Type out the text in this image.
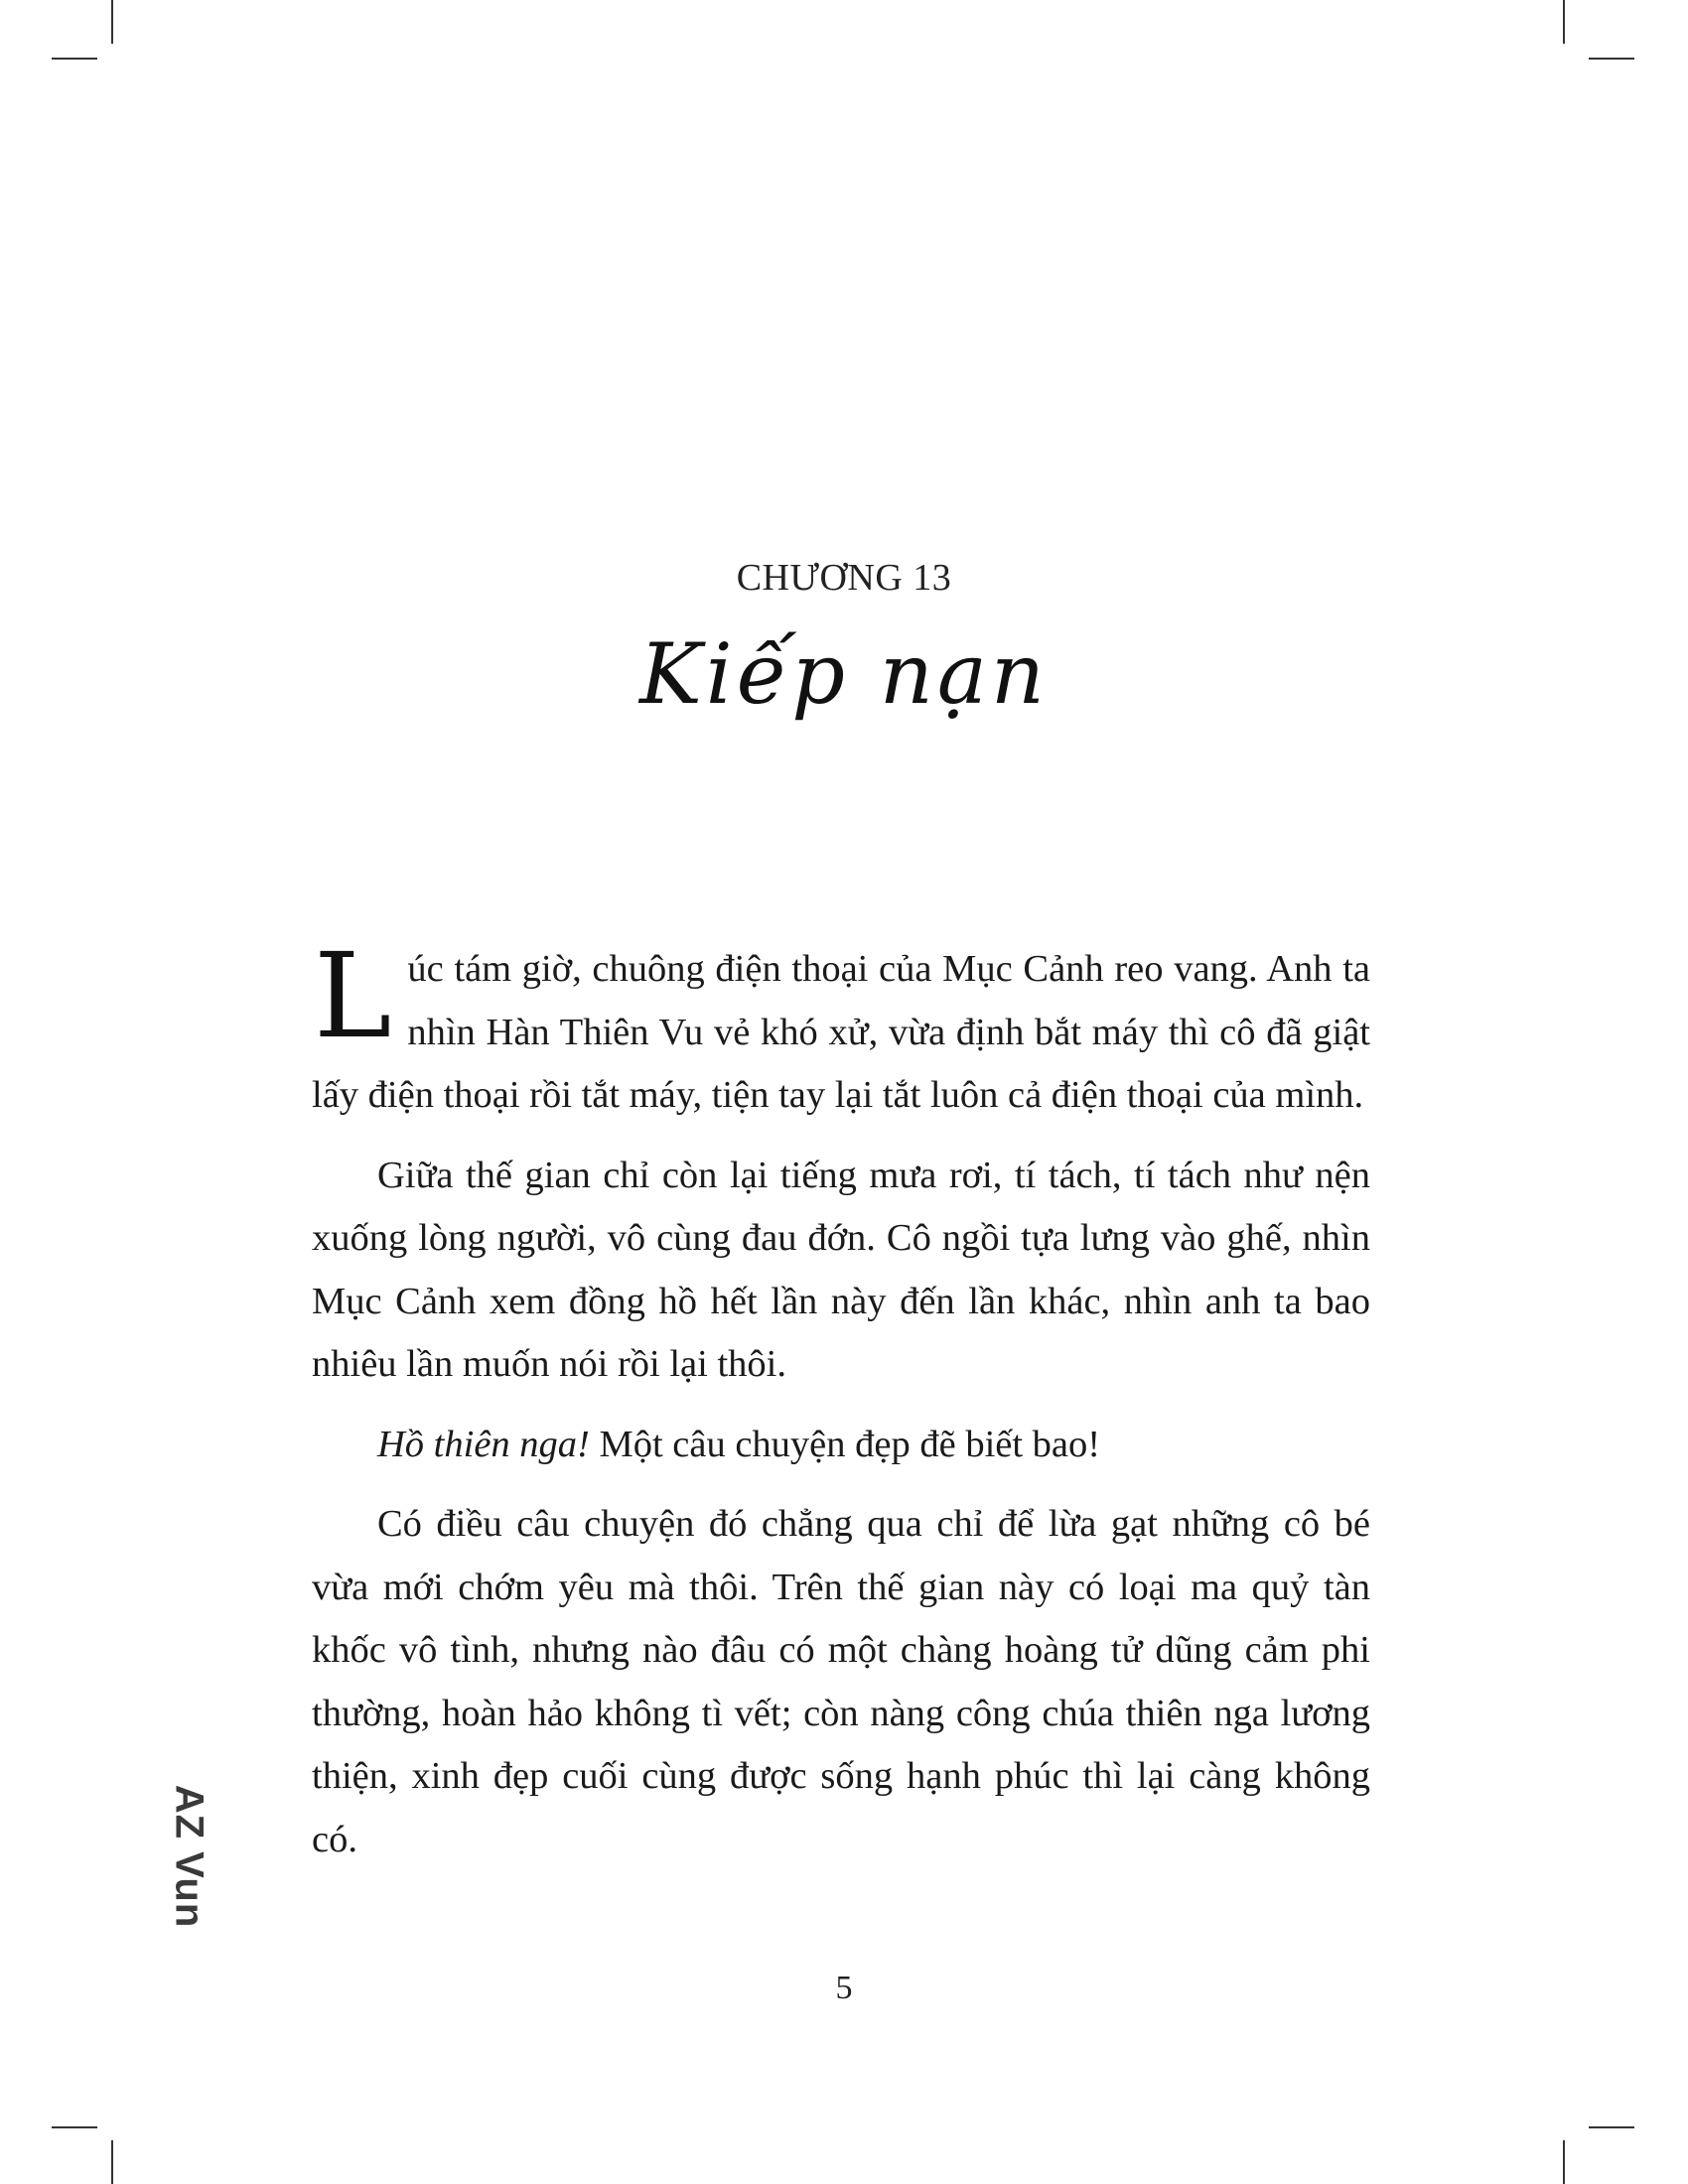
CHƯƠNG 13
Kiếp nạn

Lúc tám giờ, chuông điện thoại của Mục Cảnh reo vang. Anh ta nhìn Hàn Thiên Vu vẻ khó xử, vừa định bắt máy thì cô đã giật lấy điện thoại rồi tắt máy, tiện tay lại tắt luôn cả điện thoại của mình.

Giữa thế gian chỉ còn lại tiếng mưa rơi, tí tách, tí tách như nện xuống lòng người, vô cùng đau đớn. Cô ngồi tựa lưng vào ghế, nhìn Mục Cảnh xem đồng hồ hết lần này đến lần khác, nhìn anh ta bao nhiêu lần muốn nói rồi lại thôi.

Hồ thiên nga! Một câu chuyện đẹp đẽ biết bao!

Có điều câu chuyện đó chẳng qua chỉ để lừa gạt những cô bé vừa mới chớm yêu mà thôi. Trên thế gian này có loại ma quỷ tàn khốc vô tình, nhưng nào đâu có một chàng hoàng tử dũng cảm phi thường, hoàn hảo không tì vết; còn nàng công chúa thiên nga lương thiện, xinh đẹp cuối cùng được sống hạnh phúc thì lại càng không có.

AZ Vun
5
